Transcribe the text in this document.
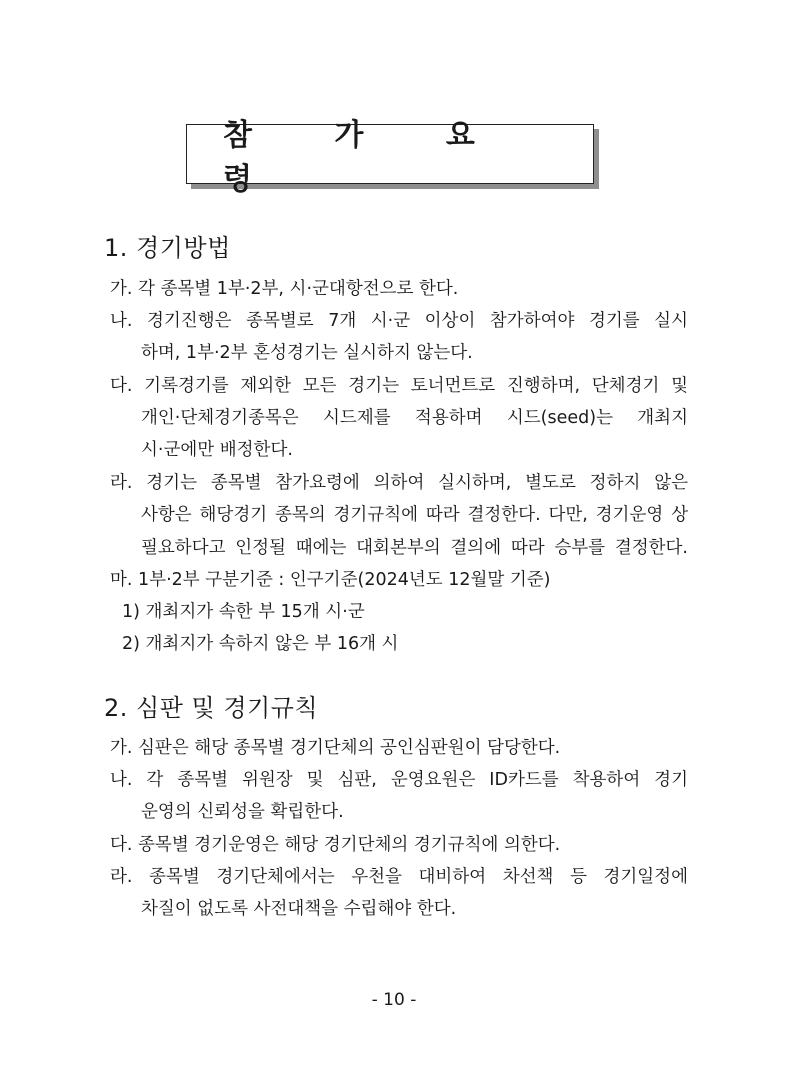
참 가 요 령
1. 경기방법
가. 각 종목별 1부·2부, 시·군대항전으로 한다.
나. 경기진행은 종목별로 7개 시·군 이상이 참가하여야 경기를 실시
하며, 1부·2부 혼성경기는 실시하지 않는다.
다. 기록경기를 제외한 모든 경기는 토너먼트로 진행하며, 단체경기 및
개인·단체경기종목은 시드제를 적용하며 시드(seed)는 개최지
시·군에만 배정한다.
라. 경기는 종목별 참가요령에 의하여 실시하며, 별도로 정하지 않은
사항은 해당경기 종목의 경기규칙에 따라 결정한다. 다만, 경기운영 상
필요하다고 인정될 때에는 대회본부의 결의에 따라 승부를 결정한다.
마. 1부·2부 구분기준 : 인구기준(2024년도 12월말 기준)
1) 개최지가 속한 부 15개 시·군
2) 개최지가 속하지 않은 부 16개 시
2. 심판 및 경기규칙
가. 심판은 해당 종목별 경기단체의 공인심판원이 담당한다.
나. 각 종목별 위원장 및 심판, 운영요원은 ID카드를 착용하여 경기
운영의 신뢰성을 확립한다.
다. 종목별 경기운영은 해당 경기단체의 경기규칙에 의한다.
라. 종목별 경기단체에서는 우천을 대비하여 차선책 등 경기일정에
차질이 없도록 사전대책을 수립해야 한다.
- 10 -
